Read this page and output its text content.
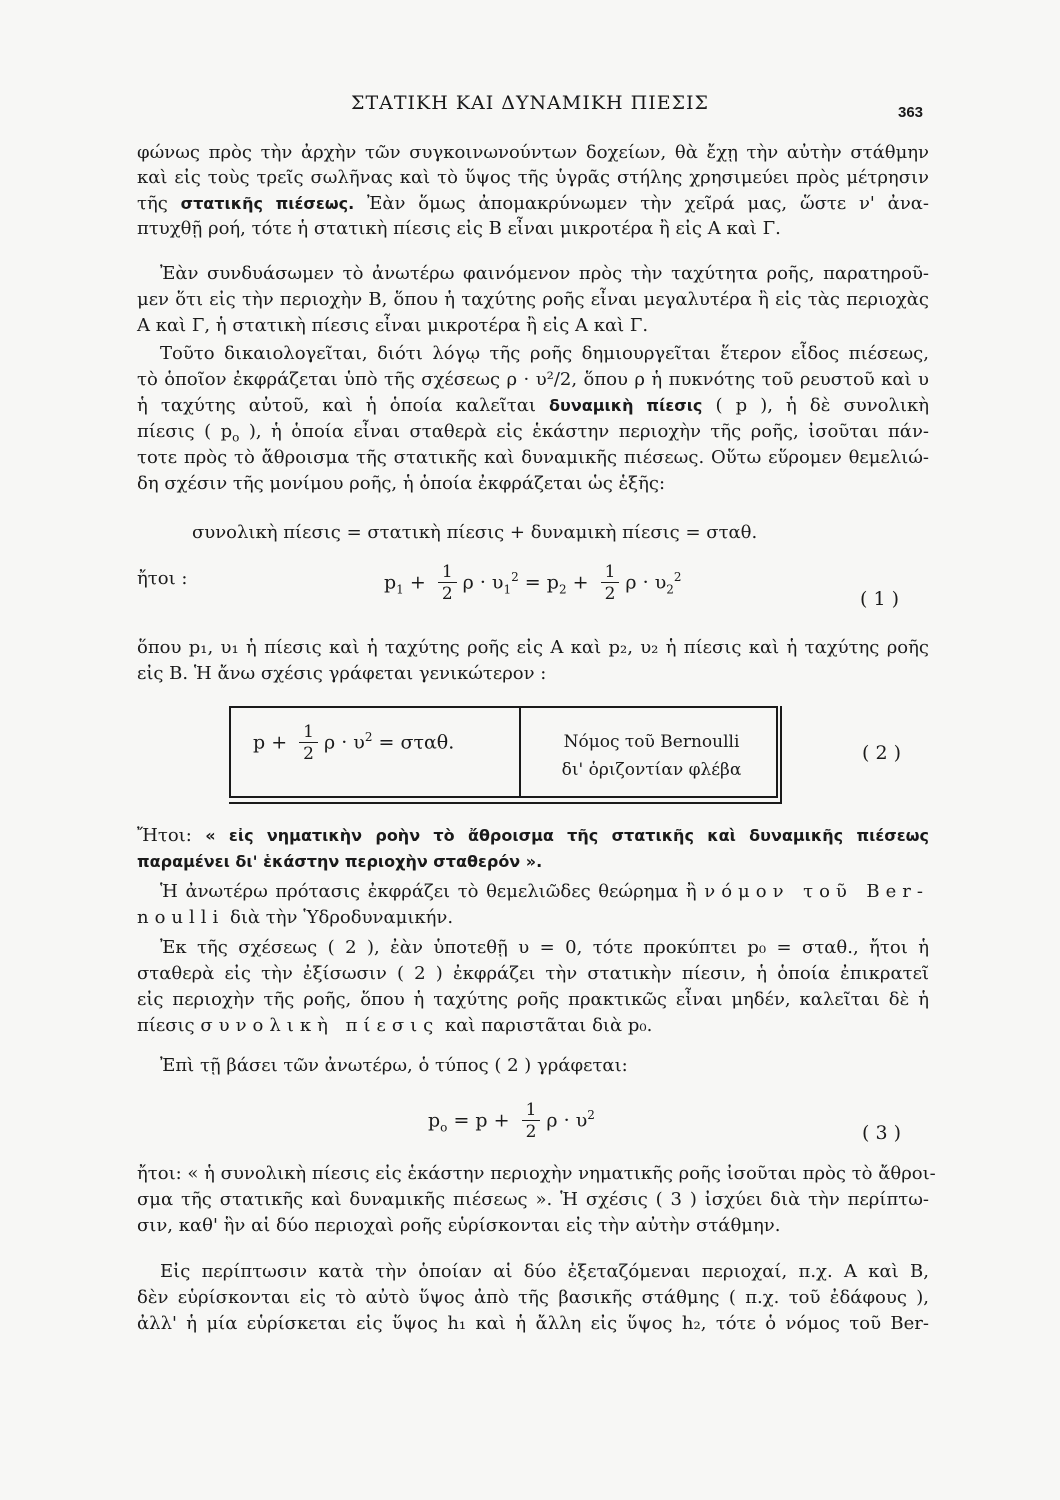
ΣΤΑΤΙΚΗ ΚΑΙ ΔΥΝΑΜΙΚΗ ΠΙΕΣΙΣ	363

φώνως πρὸς τὴν ἀρχὴν τῶν συγκοινωνούντων δοχείων, θὰ ἔχῃ τὴν αὐτὴν στάθμην

καὶ εἰς τοὺς τρεῖς σωλῆνας καὶ τὸ ὕψος τῆς ὑγρᾶς στήλης χρησιμεύει πρὸς μέτρησιν

τῆς στατικῆς πιέσεως. Ἐὰν ὅμως ἀπομακρύνωμεν τὴν χεῖρά μας, ὥστε ν' ἀνα-

πτυχθῇ ροή, τότε ἡ στατικὴ πίεσις εἰς Β εἶναι μικροτέρα ἢ εἰς Α καὶ Γ.

Ἐὰν συνδυάσωμεν τὸ ἀνωτέρω φαινόμενον πρὸς τὴν ταχύτητα ροῆς, παρατηροῦ-

μεν ὅτι εἰς τὴν περιοχὴν Β, ὅπου ἡ ταχύτης ροῆς εἶναι μεγαλυτέρα ἢ εἰς τὰς περιοχὰς

Α καὶ Γ, ἡ στατικὴ πίεσις εἶναι μικροτέρα ἢ εἰς Α καὶ Γ.

Τοῦτο δικαιολογεῖται, διότι λόγῳ τῆς ροῆς δημιουργεῖται ἕτερον εἶδος πιέσεως,

τὸ ὁποῖον ἐκφράζεται ὑπὸ τῆς σχέσεως ρ · υ²/2, ὅπου ρ ἡ πυκνότης τοῦ ρευστοῦ καὶ υ

ἡ ταχύτης αὐτοῦ, καὶ ἡ ὁποία καλεῖται δυναμικὴ πίεσις ( p ), ἡ δὲ συνολικὴ

πίεσις ( $p_o$ ), ἡ ὁποία εἶναι σταθερὰ εἰς ἑκάστην περιοχὴν τῆς ροῆς, ἰσοῦται πάν-

τοτε πρὸς τὸ ἄθροισμα τῆς στατικῆς καὶ δυναμικῆς πιέσεως. Οὕτω εὕρομεν θεμελιώ-

δη σχέσιν τῆς μονίμου ροῆς, ἡ ὁποία ἐκφράζεται ὡς ἑξῆς:

συνολικὴ πίεσις = στατικὴ πίεσις + δυναμικὴ πίεσις = σταθ.
ἤτοι :	$p_1 + \frac{1}{2}$ $\rho \cdot \upsilon_1^2 = p_2 + \frac{1}{2}$ $\rho \cdot \upsilon_2^2$
( 1 )

ὅπου p₁, υ₁ ἡ πίεσις καὶ ἡ ταχύτης ροῆς εἰς Α καὶ p₂, υ₂ ἡ πίεσις καὶ ἡ ταχύτης ροῆς

εἰς Β. Ἡ ἄνω σχέσις γράφεται γενικώτερον :

$p + \frac{1}{2}$ $\rho \cdot \upsilon^2 = \sigma\tau\alpha\theta$.	Νόμος τοῦ Bernoulli
δι' ὁριζοντίαν φλέβα
( 2 )

Ἤτοι: « εἰς νηματικὴν ροὴν τὸ ἄθροισμα τῆς στατικῆς καὶ δυναμικῆς πιέσεως

παραμένει δι' ἑκάστην περιοχὴν σταθερόν ».

Ἡ ἀνωτέρω πρότασις ἐκφράζει τὸ θεμελιῶδες θεώρημα ἢ νόμον τοῦ Ber-

noulli διὰ τὴν Ὑδροδυναμικήν.

Ἐκ τῆς σχέσεως ( 2 ), ἐὰν ὑποτεθῇ υ = 0, τότε προκύπτει p₀ = σταθ., ἤτοι ἡ

σταθερὰ εἰς τὴν ἐξίσωσιν ( 2 ) ἐκφράζει τὴν στατικὴν πίεσιν, ἡ ὁποία ἐπικρατεῖ

εἰς περιοχὴν τῆς ροῆς, ὅπου ἡ ταχύτης ροῆς πρακτικῶς εἶναι μηδέν, καλεῖται δὲ ἡ

πίεσις συνολικὴ πίεσις καὶ παριστᾶται διὰ p₀.

Ἐπὶ τῇ βάσει τῶν ἀνωτέρω, ὁ τύπος ( 2 ) γράφεται:

$p_o = p + \frac{1}{2}$ $\rho \cdot \upsilon^2$
( 3 )

ἤτοι: « ἡ συνολικὴ πίεσις εἰς ἑκάστην περιοχὴν νηματικῆς ροῆς ἰσοῦται πρὸς τὸ ἄθροι-

σμα τῆς στατικῆς καὶ δυναμικῆς πιέσεως ». Ἡ σχέσις ( 3 ) ἰσχύει διὰ τὴν περίπτω-

σιν, καθ' ἣν αἱ δύο περιοχαὶ ροῆς εὑρίσκονται εἰς τὴν αὐτὴν στάθμην.

Εἰς περίπτωσιν κατὰ τὴν ὁποίαν αἱ δύο ἐξεταζόμεναι περιοχαί, π.χ. Α καὶ Β,

δὲν εὑρίσκονται εἰς τὸ αὐτὸ ὕψος ἀπὸ τῆς βασικῆς στάθμης ( π.χ. τοῦ ἐδάφους ),

ἀλλ' ἡ μία εὑρίσκεται εἰς ὕψος h₁ καὶ ἡ ἄλλη εἰς ὕψος h₂, τότε ὁ νόμος τοῦ Ber-
